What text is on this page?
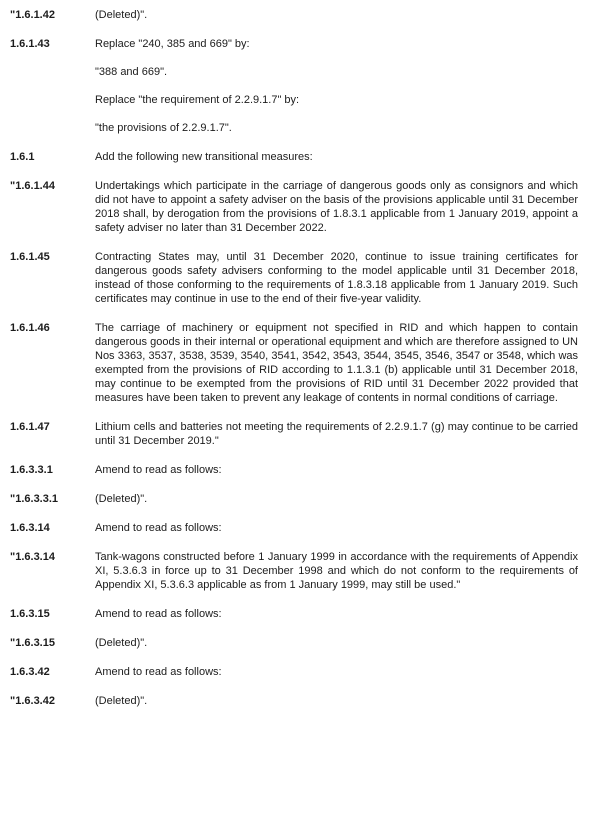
"1.6.1.42	(Deleted)".

1.6.1.43	Replace "240, 385 and 669" by:

"388 and 669".

Replace "the requirement of 2.2.9.1.7" by:

"the provisions of 2.2.9.1.7".

1.6.1	Add the following new transitional measures:

"1.6.1.44	Undertakings which participate in the carriage of dangerous goods only as consignors and which did not have to appoint a safety adviser on the basis of the provisions applicable until 31 December 2018 shall, by derogation from the provisions of 1.8.3.1 applicable from 1 January 2019, appoint a safety adviser no later than 31 December 2022.

1.6.1.45	Contracting States may, until 31 December 2020, continue to issue training certificates for dangerous goods safety advisers conforming to the model applicable until 31 December 2018, instead of those conforming to the requirements of 1.8.3.18 applicable from 1 January 2019. Such certificates may continue in use to the end of their five-year validity.

1.6.1.46	The carriage of machinery or equipment not specified in RID and which happen to contain dangerous goods in their internal or operational equipment and which are therefore assigned to UN Nos 3363, 3537, 3538, 3539, 3540, 3541, 3542, 3543, 3544, 3545, 3546, 3547 or 3548, which was exempted from the provisions of RID according to 1.1.3.1 (b) applicable until 31 December 2018, may continue to be exempted from the provisions of RID until 31 December 2022 provided that measures have been taken to prevent any leakage of contents in normal conditions of carriage.

1.6.1.47	Lithium cells and batteries not meeting the requirements of 2.2.9.1.7 (g) may continue to be carried until 31 December 2019."

1.6.3.3.1	Amend to read as follows:

"1.6.3.3.1	(Deleted)".

1.6.3.14	Amend to read as follows:

"1.6.3.14	Tank-wagons constructed before 1 January 1999 in accordance with the requirements of Appendix XI, 5.3.6.3 in force up to 31 December 1998 and which do not conform to the requirements of Appendix XI, 5.3.6.3 applicable as from 1 January 1999, may still be used."

1.6.3.15	Amend to read as follows:

"1.6.3.15	(Deleted)".

1.6.3.42	Amend to read as follows:

"1.6.3.42	(Deleted)".
